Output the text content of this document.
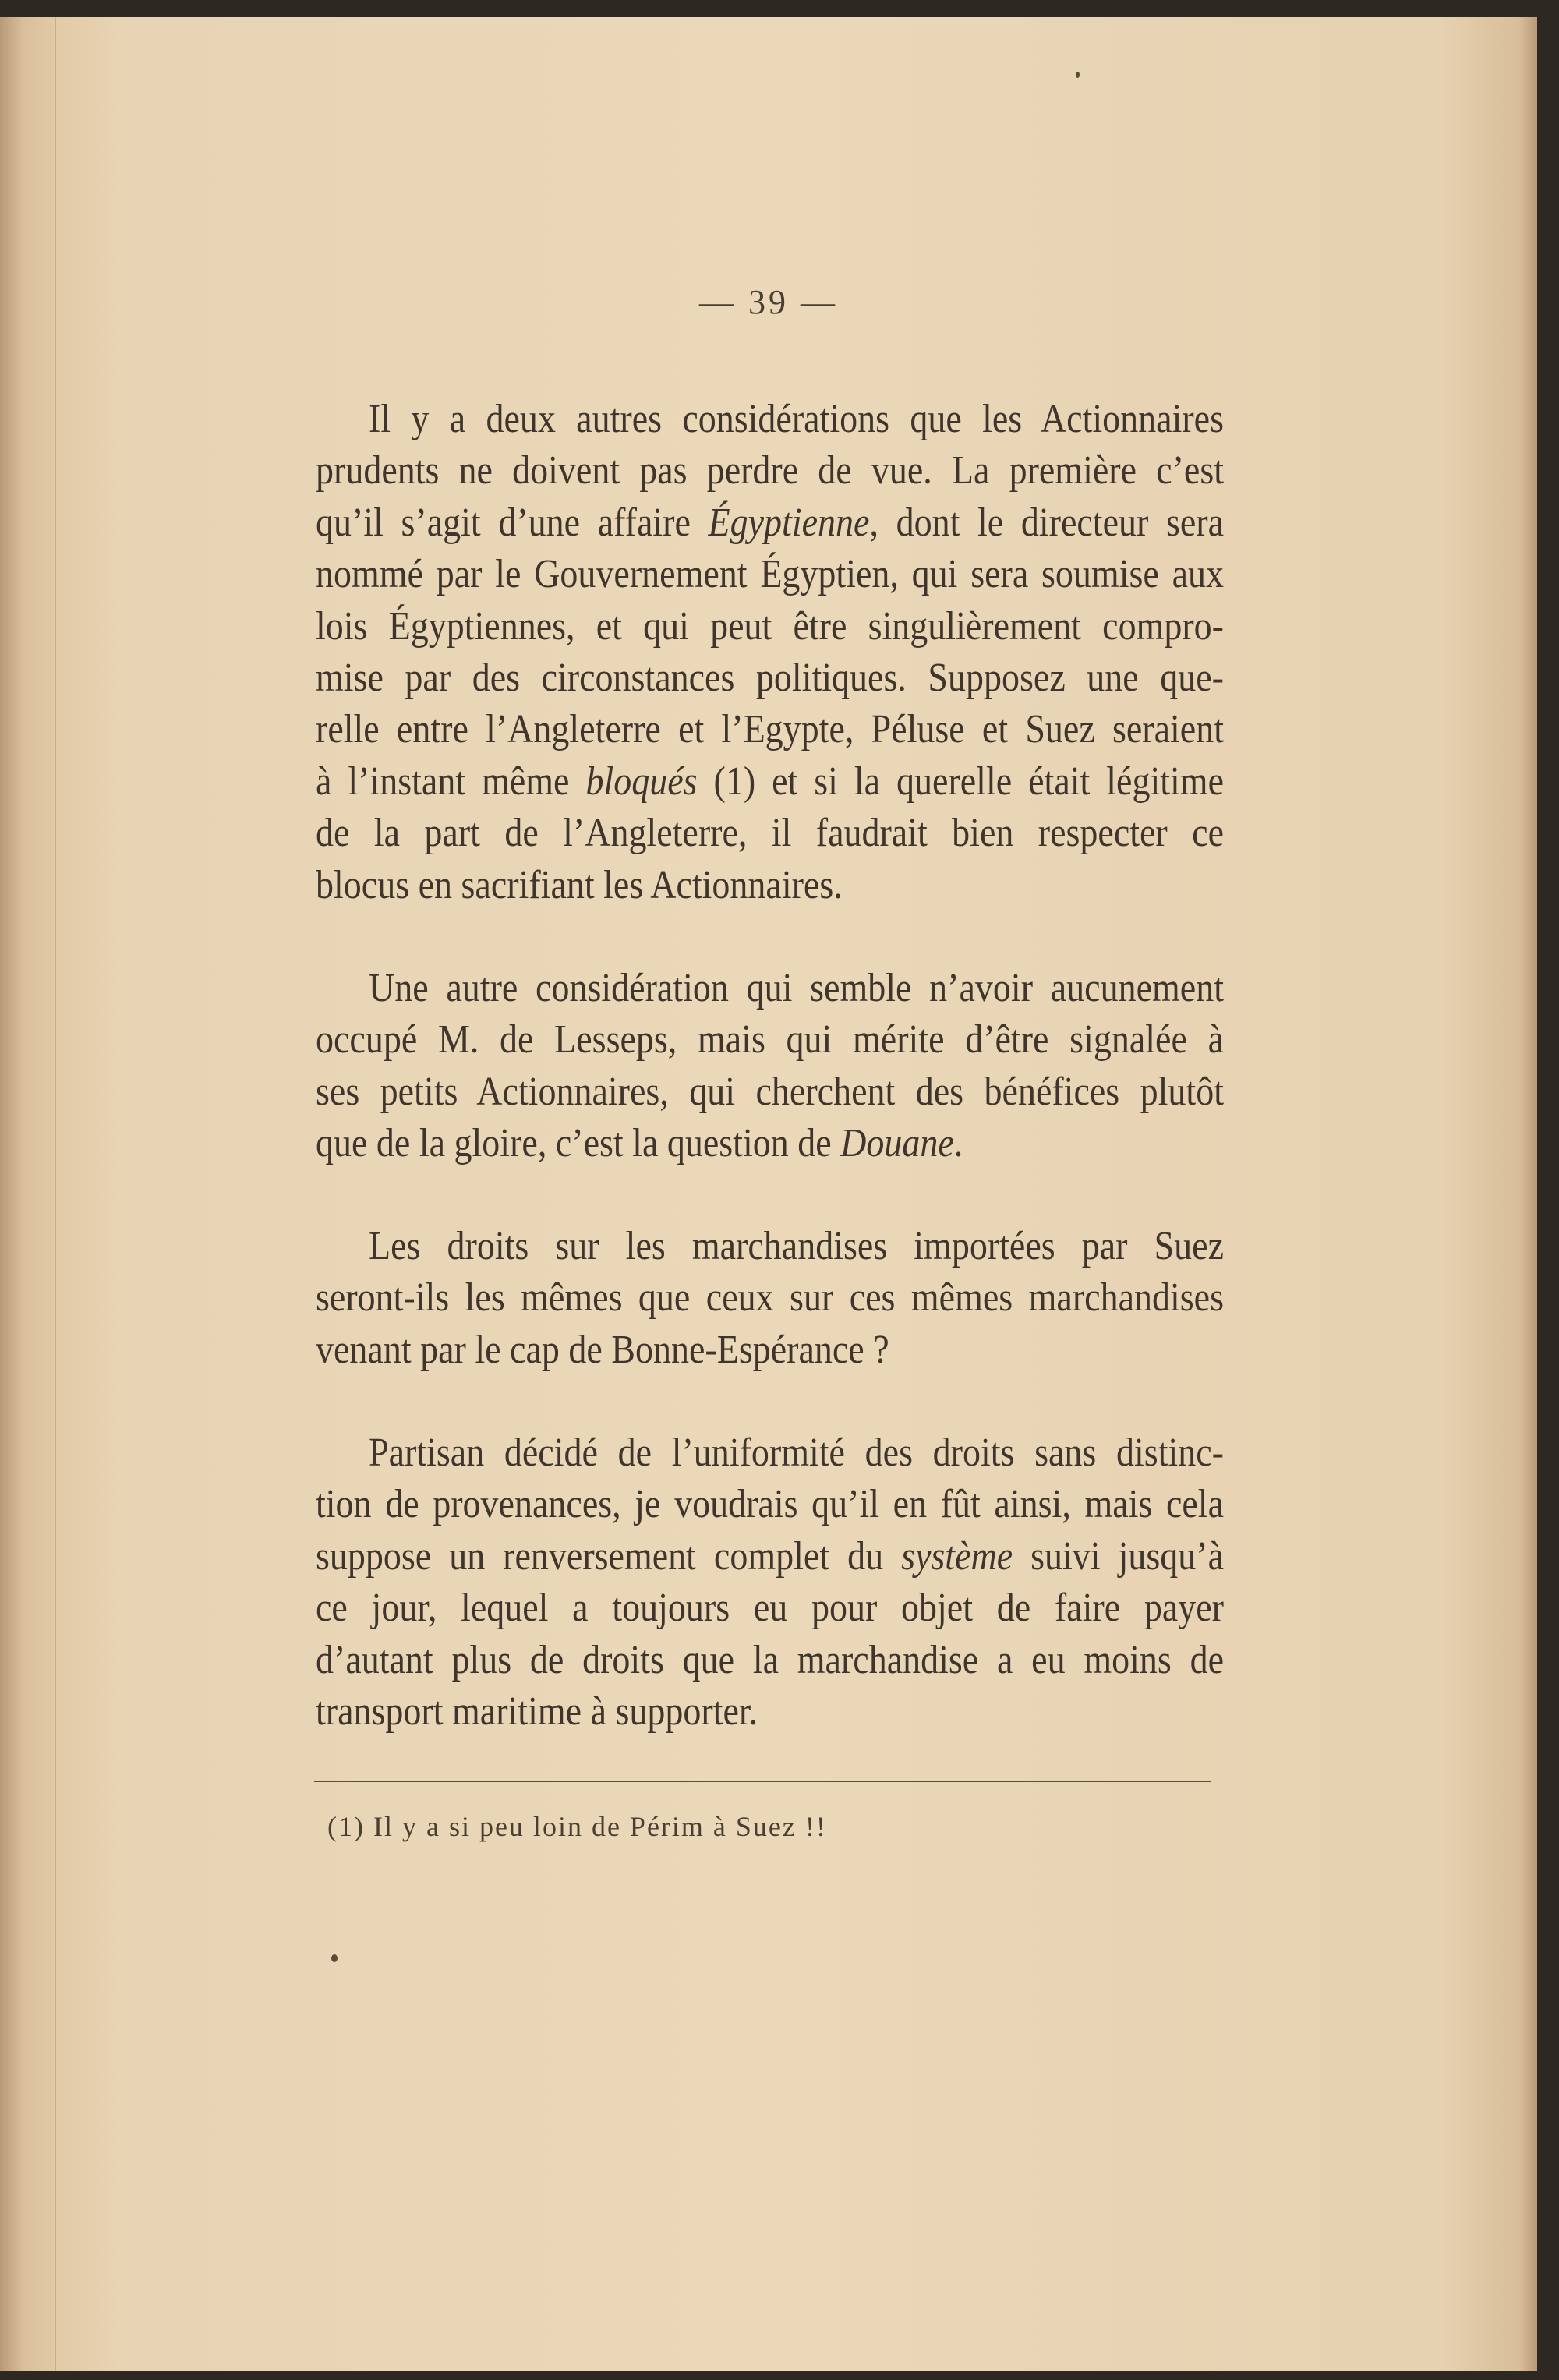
— 39 —
Il y a deux autres considérations que les Actionnaires
prudents ne doivent pas perdre de vue. La première c’est
qu’il s’agit d’une affaire Égyptienne, dont le directeur sera
nommé par le Gouvernement Égyptien, qui sera soumise aux
lois Égyptiennes, et qui peut être singulièrement compro-
mise par des circonstances politiques. Supposez une que-
relle entre l’Angleterre et l’Egypte, Péluse et Suez seraient
à l’instant même bloqués (1) et si la querelle était légitime
de la part de l’Angleterre, il faudrait bien respecter ce
blocus en sacrifiant les Actionnaires.
Une autre considération qui semble n’avoir aucunement
occupé M. de Lesseps, mais qui mérite d’être signalée à
ses petits Actionnaires, qui cherchent des bénéfices plutôt
que de la gloire, c’est la question de Douane.
Les droits sur les marchandises importées par Suez
seront-ils les mêmes que ceux sur ces mêmes marchandises
venant par le cap de Bonne-Espérance ?
Partisan décidé de l’uniformité des droits sans distinc-
tion de provenances, je voudrais qu’il en fût ainsi, mais cela
suppose un renversement complet du système suivi jusqu’à
ce jour, lequel a toujours eu pour objet de faire payer
d’autant plus de droits que la marchandise a eu moins de
transport maritime à supporter.
(1) Il y a si peu loin de Périm à Suez !!
